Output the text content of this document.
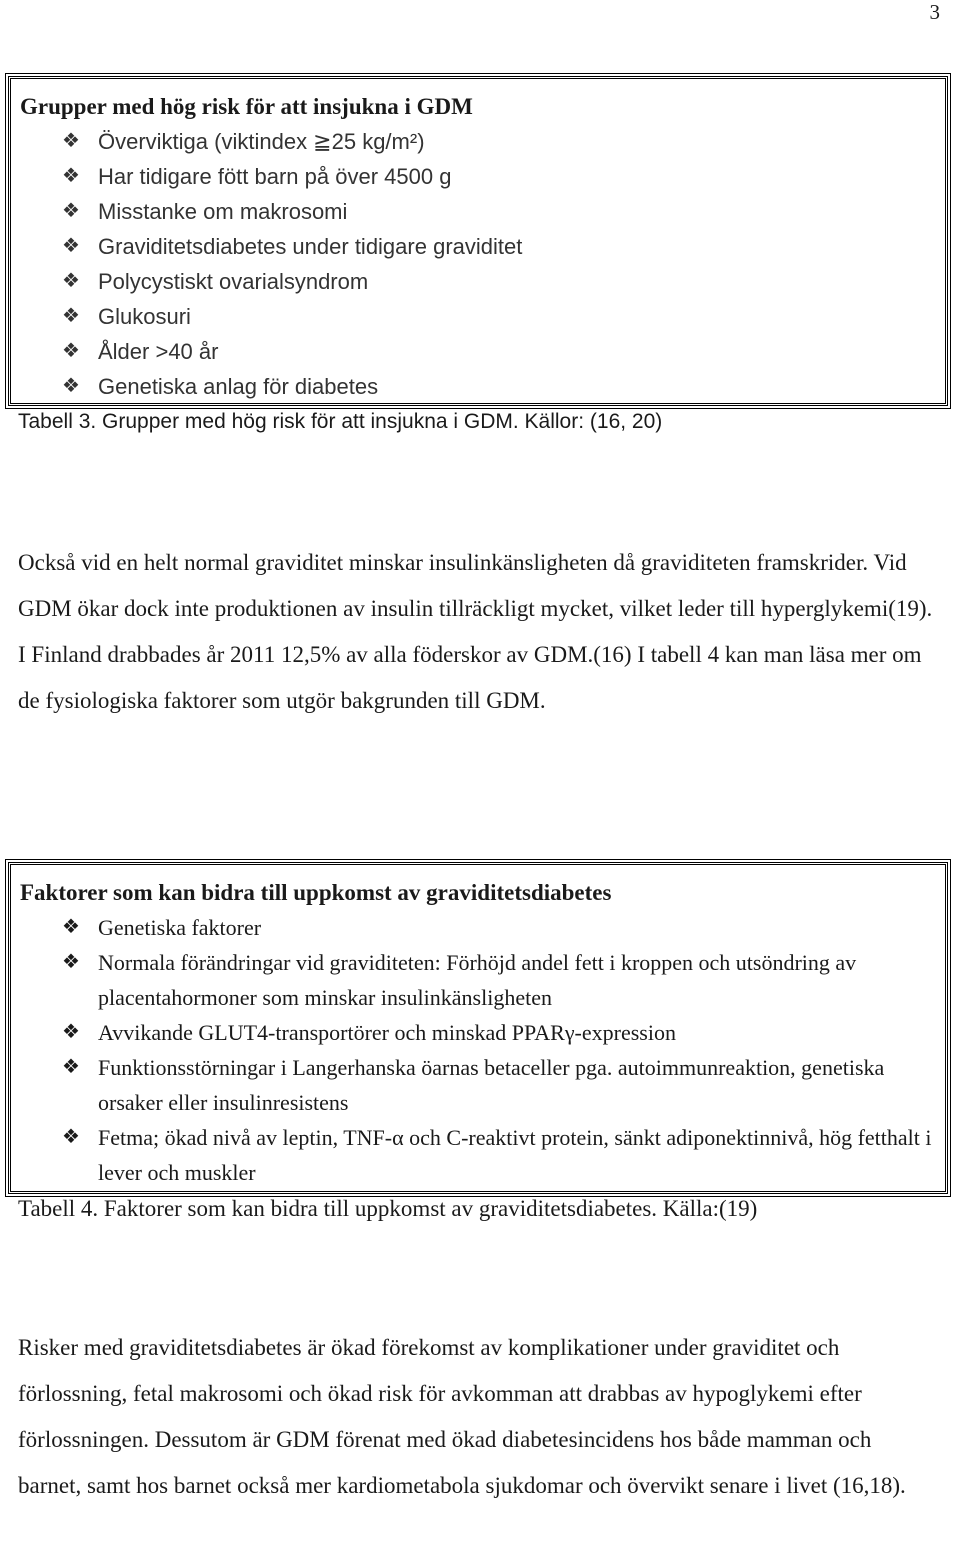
3
Grupper med hög risk för att insjukna i GDM
❖ Överviktiga (viktindex ≧25 kg/m²)
❖ Har tidigare fött barn på över 4500 g
❖ Misstanke om makrosomi
❖ Graviditetsdiabetes under tidigare graviditet
❖ Polycystiskt ovarialsyndrom
❖ Glukosuri
❖ Ålder >40 år
❖ Genetiska anlag för diabetes
Tabell 3. Grupper med hög risk för att insjukna i GDM. Källor: (16, 20)

Också vid en helt normal graviditet minskar insulinkänsligheten då graviditeten framskrider. Vid GDM ökar dock inte produktionen av insulin tillräckligt mycket, vilket leder till hyperglykemi(19). I Finland drabbades år 2011 12,5% av alla föderskor av GDM.(16) I tabell 4 kan man läsa mer om de fysiologiska faktorer som utgör bakgrunden till GDM.

Faktorer som kan bidra till uppkomst av graviditetsdiabetes
❖ Genetiska faktorer
❖ Normala förändringar vid graviditeten: Förhöjd andel fett i kroppen och utsöndring av placentahormoner som minskar insulinkänsligheten
❖ Avvikande GLUT4-transportörer och minskad PPARγ-expression
❖ Funktionsstörningar i Langerhanska öarnas betaceller pga. autoimmunreaktion, genetiska orsaker eller insulinresistens
❖ Fetma; ökad nivå av leptin, TNF-α och C-reaktivt protein, sänkt adiponektinnivå, hög fetthalt i lever och muskler
Tabell 4. Faktorer som kan bidra till uppkomst av graviditetsdiabetes. Källa:(19)

Risker med graviditetsdiabetes är ökad förekomst av komplikationer under graviditet och förlossning, fetal makrosomi och ökad risk för avkomman att drabbas av hypoglykemi efter förlossningen. Dessutom är GDM förenat med ökad diabetesincidens hos både mamman och barnet, samt hos barnet också mer kardiometabola sjukdomar och övervikt senare i livet (16,18).
